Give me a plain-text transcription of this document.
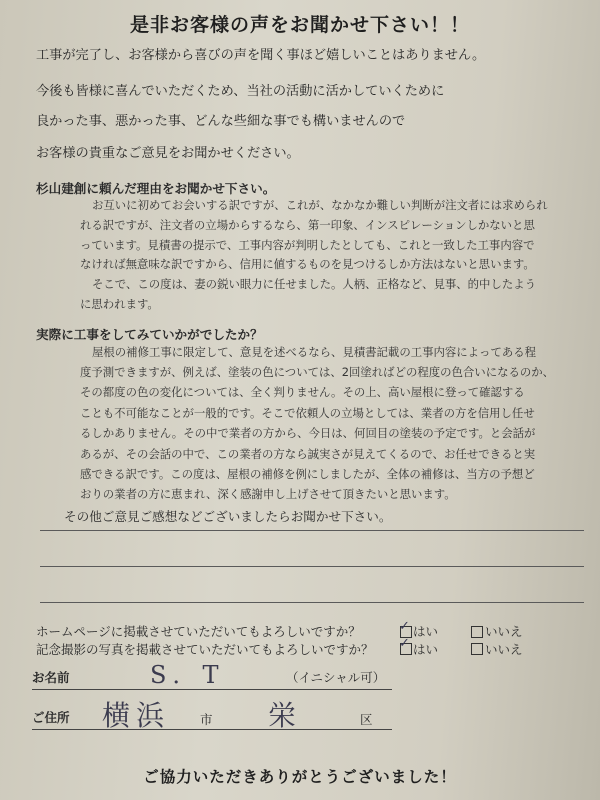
是非お客様の声をお聞かせ下さい！！
工事が完了し、お客様から喜びの声を聞く事ほど嬉しいことはありません。
今後も皆様に喜んでいただくため、当社の活動に活かしていくために
良かった事、悪かった事、どんな些細な事でも構いませんので
お客様の貴重なご意見をお聞かせください。
杉山建創に頼んだ理由をお聞かせ下さい。
お互いに初めてお会いする訳ですが、これが、なかなか難しい判断が注文者には求められ
れる訳ですが、注文者の立場からするなら、第一印象、インスピレーションしかないと思
っています。見積書の提示で、工事内容が判明したとしても、これと一致した工事内容で
なければ無意味な訳ですから、信用に値するものを見つけるしか方法はないと思います。
そこで、この度は、妻の鋭い眼力に任せました。人柄、正格など、見事、的中したよう
に思われます。
実際に工事をしてみていかがでしたか？
屋根の補修工事に限定して、意見を述べるなら、見積書記載の工事内容によってある程
度予測できますが、例えば、塗装の色については、2回塗ればどの程度の色合いになるのか、
その都度の色の変化については、全く判りません。その上、高い屋根に登って確認する
ことも不可能なことが一般的です。そこで依頼人の立場としては、業者の方を信用し任せ
るしかありません。その中で業者の方から、今日は、何回目の塗装の予定です。と会話が
あるが、その会話の中で、この業者の方なら誠実さが見えてくるので、お任せできると実
感できる訳です。この度は、屋根の補修を例にしましたが、全体の補修は、当方の予想ど
おりの業者の方に恵まれ、深く感謝申し上げさせて頂きたいと思います。
その他ご意見ご感想などございましたらお聞かせ下さい。
ホームページに掲載させていただいてもよろしいですか？	✓ はい	いいえ
記念撮影の写真を掲載させていただいてもよろしいですか？ ✓ はい	いいえ
お名前	S．T	（イニシャル可）
ご住所 横浜 市 栄	区
ご協力いただきありがとうございました！
